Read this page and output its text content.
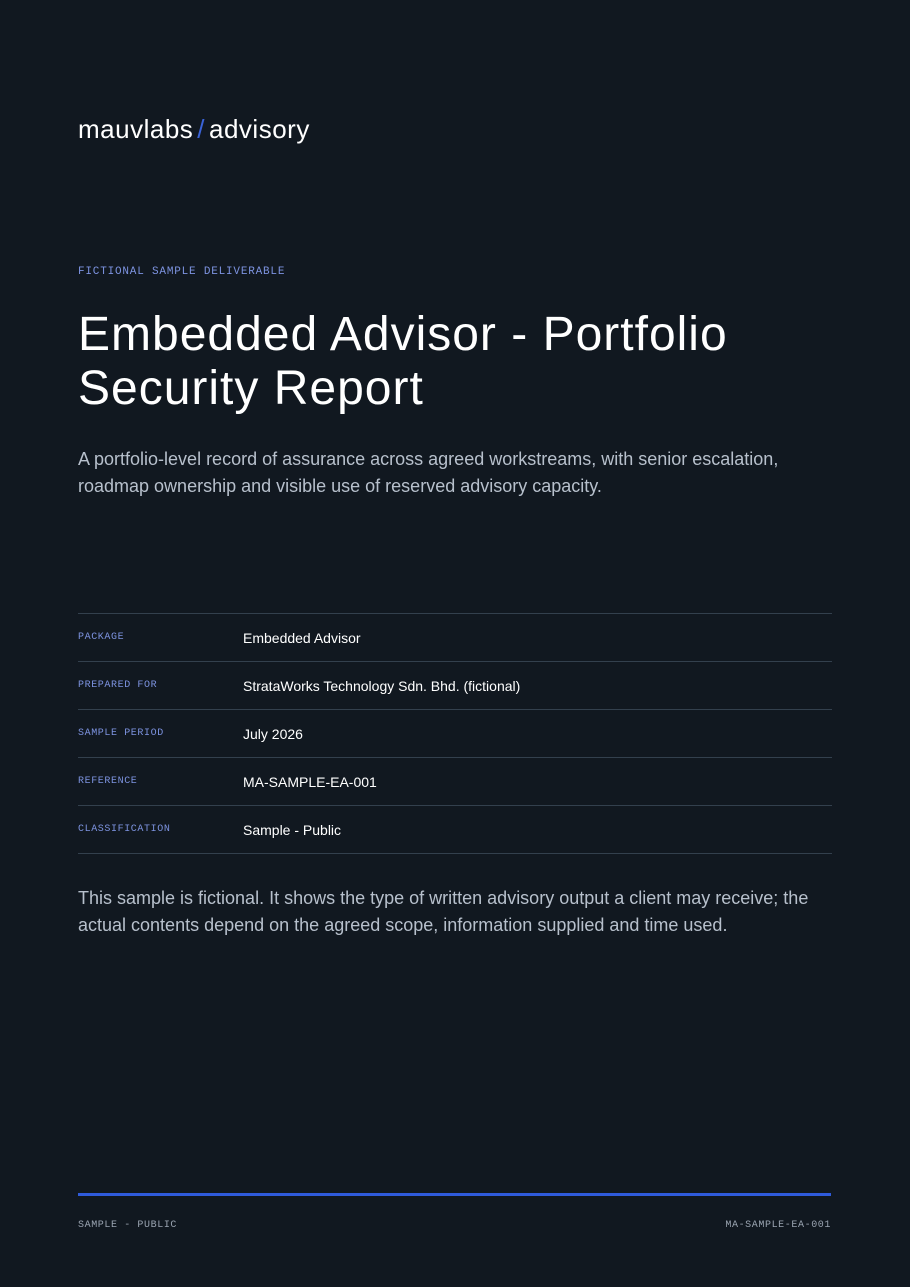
mauvlabs / advisory
FICTIONAL SAMPLE DELIVERABLE
Embedded Advisor - Portfolio Security Report

A portfolio-level record of assurance across agreed workstreams, with senior escalation, roadmap ownership and visible use of reserved advisory capacity.

PACKAGE	Embedded Advisor
PREPARED FOR	StrataWorks Technology Sdn. Bhd. (fictional)
SAMPLE PERIOD	July 2026
REFERENCE	MA-SAMPLE-EA-001
CLASSIFICATION	Sample - Public

This sample is fictional. It shows the type of written advisory output a client may receive; the actual contents depend on the agreed scope, information supplied and time used.

SAMPLE - PUBLIC	MA-SAMPLE-EA-001
